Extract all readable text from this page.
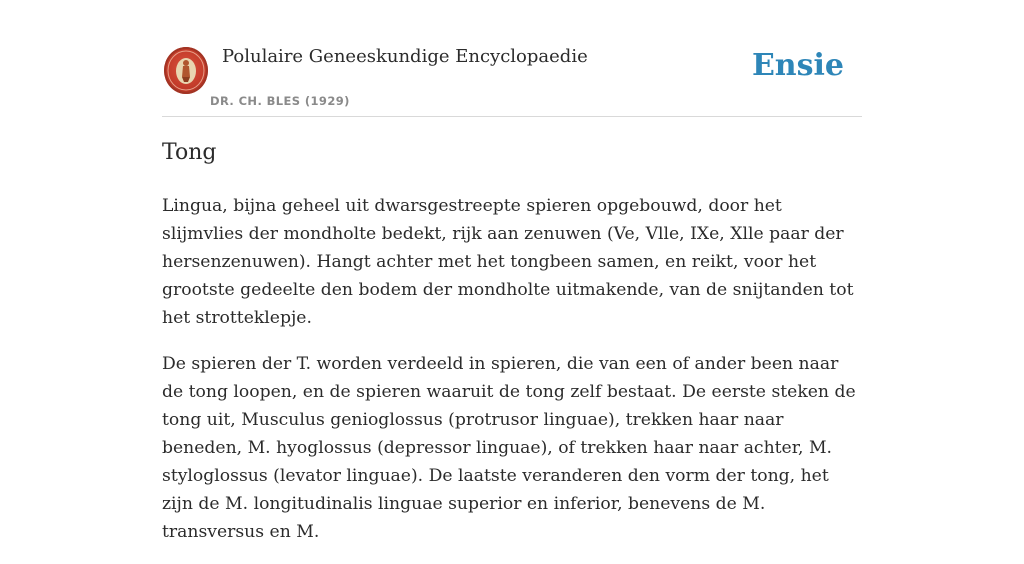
Polulaire Geneeskundige Encyclopaedie
DR. CH. BLES (1929)
Ensie
Tong

Lingua, bijna geheel uit dwarsgestreepte spieren opgebouwd, door het slijmvlies der mondholte bedekt, rijk aan zenuwen (Ve, Vlle, IXe, Xlle paar der hersenzenuwen). Hangt achter met het tongbeen samen, en reikt, voor het grootste gedeelte den bodem der mondholte uitmakende, van de snijtanden tot het strotteklepje.

De spieren der T. worden verdeeld in spieren, die van een of ander been naar de tong loopen, en de spieren waaruit de tong zelf bestaat. De eerste steken de tong uit, Musculus genioglossus (protrusor linguae), trekken haar naar beneden, M. hyoglossus (depressor linguae), of trekken haar naar achter, M. styloglossus (levator linguae). De laatste veranderen den vorm der tong, het zijn de M. longitudinalis linguae superior en inferior, benevens de M. transversus en M.
